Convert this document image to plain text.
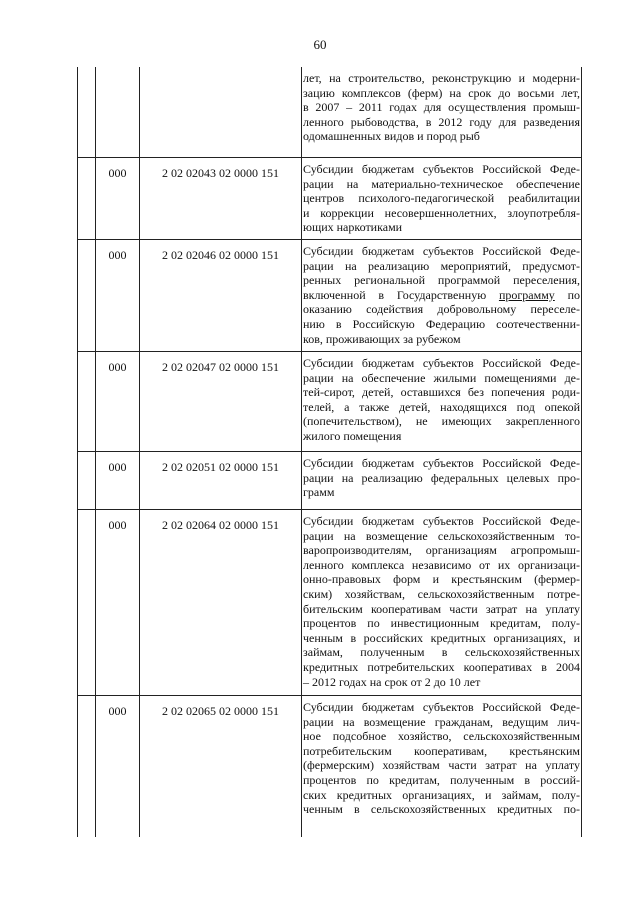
60
лет, на строительство, реконструкцию и модерни-
зацию комплексов (ферм) на срок до восьми лет,
в 2007 – 2011 годах для осуществления промыш-
ленного рыбоводства, в 2012 году для разведения
одомашненных видов и пород рыб
000	2 02 02043 02 0000 151	Субсидии бюджетам субъектов Российской Феде-
рации на материально-техническое обеспечение
центров психолого-педагогической реабилитации
и коррекции несовершеннолетних, злоупотребля-
ющих наркотиками
000	2 02 02046 02 0000 151	Субсидии бюджетам субъектов Российской Феде-
рации на реализацию мероприятий, предусмот-
ренных региональной программой переселения,
включенной в Государственную программу по
оказанию содействия добровольному переселе-
нию в Российскую Федерацию соотечественни-
ков, проживающих за рубежом
000	2 02 02047 02 0000 151	Субсидии бюджетам субъектов Российской Феде-
рации на обеспечение жилыми помещениями де-
тей-сирот, детей, оставшихся без попечения роди-
телей, а также детей, находящихся под опекой
(попечительством), не имеющих закрепленного
жилого помещения
000	2 02 02051 02 0000 151	Субсидии бюджетам субъектов Российской Феде-
рации на реализацию федеральных целевых про-
грамм
000	2 02 02064 02 0000 151	Субсидии бюджетам субъектов Российской Феде-
рации на возмещение сельскохозяйственным то-
варопроизводителям, организациям агропромыш-
ленного комплекса независимо от их организаци-
онно-правовых форм и крестьянским (фермер-
ским) хозяйствам, сельскохозяйственным потре-
бительским кооперативам части затрат на уплату
процентов по инвестиционным кредитам, полу-
ченным в российских кредитных организациях, и
займам, полученным в сельскохозяйственных
кредитных потребительских кооперативах в 2004
– 2012 годах на срок от 2 до 10 лет
000	2 02 02065 02 0000 151	Субсидии бюджетам субъектов Российской Феде-
рации на возмещение гражданам, ведущим лич-
ное подсобное хозяйство, сельскохозяйственным
потребительским кооперативам, крестьянским
(фермерским) хозяйствам части затрат на уплату
процентов по кредитам, полученным в россий-
ских кредитных организациях, и займам, полу-
ченным в сельскохозяйственных кредитных по-
